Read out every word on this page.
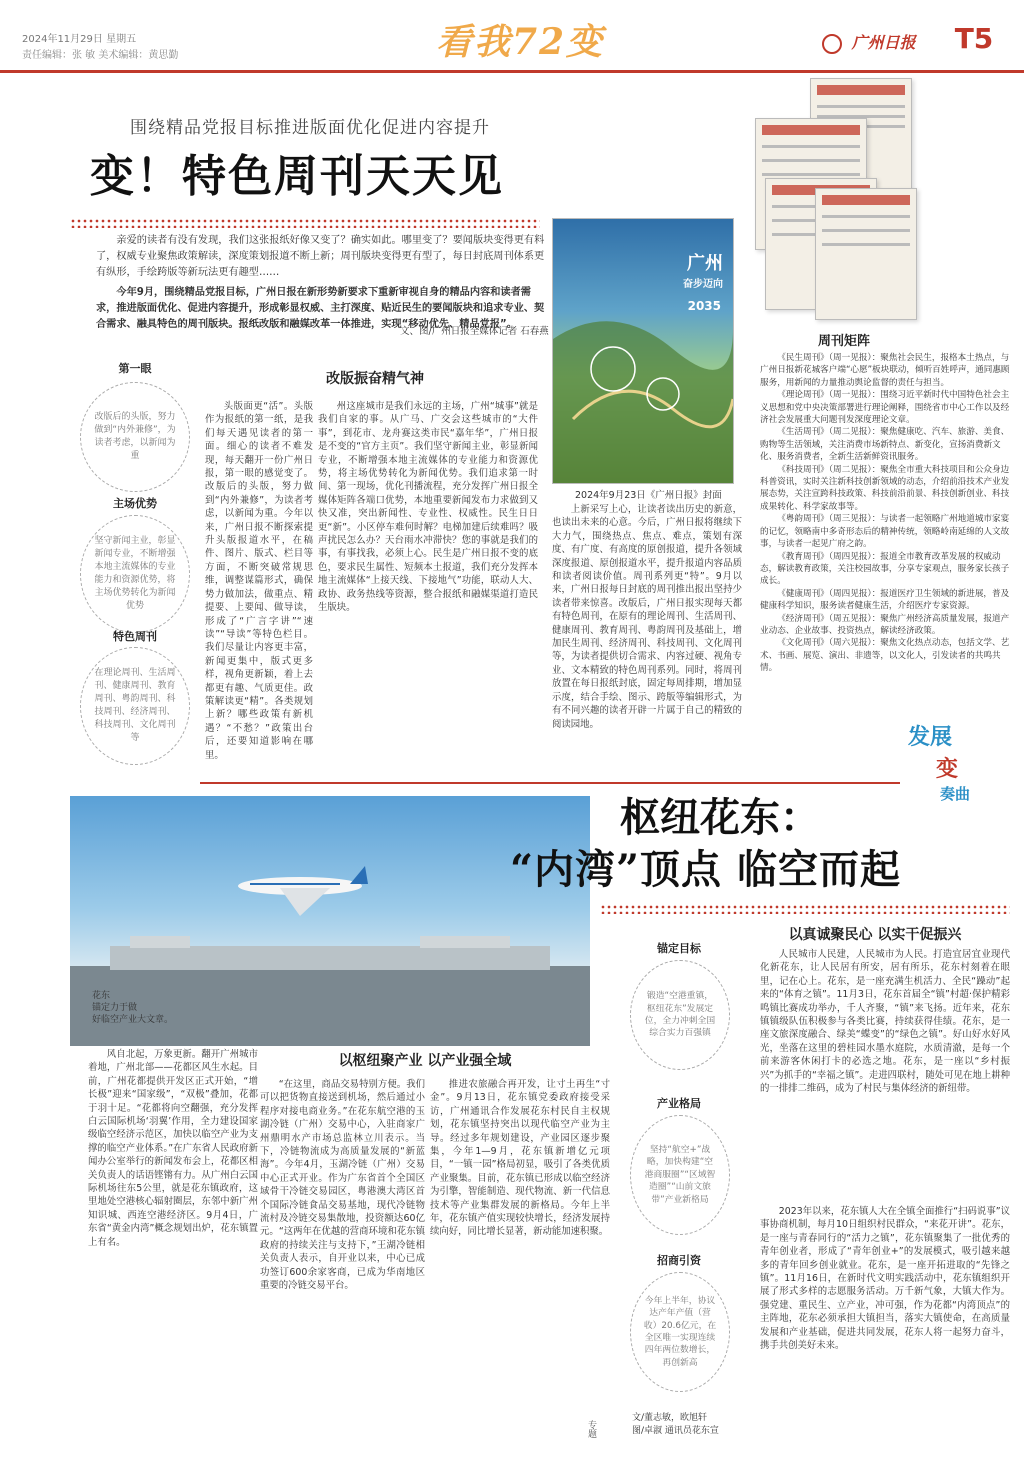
2024年11月29日 星期五
责任编辑：张 敏 美术编辑：黄思勤	看我72变	广州日报	T5
围绕精品党报目标推进版面优化促进内容提升
变！特色周刊天天见

亲爱的读者有没有发现，我们这张报纸好像又变了？确实如此。哪里变了？要闻版块变得更有料了，权威专业聚焦政策解读，深度策划报道不断上新；周刊版块变得更有型了，每日封底周刊体系更有纵形，手绘跨版等新玩法更有趣型……

今年9月，围绕精品党报目标，广州日报在新形势新要求下重新审视自身的精品内容和读者需求，推进版面优化、促进内容提升，形成彰显权威、主打深度、贴近民生的要闻版块和追求专业、契合需求、融具特色的周刊版块。报纸改版和融媒改革一体推进，实现“移动优先、精品党报”。

文、图/广州日报全媒体记者 石春燕
广州
奋步迈向
2035
2024年9月23日《广州日报》封面
周刊矩阵

《民生周刊》（周一见报）：聚焦社会民生，报格本土热点，与广州日报新花城客户端“心愿”板块联动，倾听百姓呼声，通同惠顾服务，用新闻的力量推动舆论监督的责任与担当。

《理论周刊》（周一见报）：围绕习近平新时代中国特色社会主义思想和党中央决策部署进行理论阐释，围绕省市中心工作以及经济社会发展重大问题刊发深度理论文章。

《生活周刊》（周二见报）：聚焦健康吃、汽车、旅游、美食、购物等生活领域，关注消费市场新特点、新变化，宣扬消费新文化、服务消费者，全新生活新鲜资讯服务。

《科技周刊》（周二见报）：聚焦全市重大科技项目和公众身边科普资讯，实时关注新科技创新领域的动态，介绍前沿技术产业发展态势，关注宣跨科技政策、科技前沿前景、科技创新创业、科技成果转化、科学家故事等。

《粤韵周刊》（周三见报）：与读者一起领略广州地道城市家宴的记忆，领略南中多奇形态后的精神传统，领略岭南延绵的人文故事，与读者一起见广府之韵。

《教育周刊》（周四见报）：报道全市教育改革发展的权威动态，解读教育政策，关注校园故事，分享专家观点，服务家长孩子成长。

《健康周刊》（周四见报）：报道医疗卫生领域的新进展，普及健康科学知识，服务读者健康生活，介绍医疗专家资源。

《经济周刊》（周五见报）：聚焦广州经济高质量发展，报道产业动态、企业故事、投资热点，解读经济政策。

《文化周刊》（周六见报）：聚焦文化热点动态，包括文学、艺术、书画、展览、演出、非遗等，以文化人，引发读者的共鸣共情。

第一眼
改版后的头版，努力做到“内外兼修”，为读者考虑，以新闻为重
主场优势
坚守新闻主业，彰显新闻专业，不断增强本地主流媒体的专业能力和资源优势，将主场优势转化为新闻优势
特色周刊
在理论周刊、生活周刊、健康周刊、教育周刊、粤韵周刊、科技周刊、经济周刊、科技周刊、文化周刊等
改版振奋精气神

头版面更“活”。头版作为报纸的第一纸，是我们每天遇见读者的第一面。细心的读者不难发现，每天翻开一份广州日报，第一眼的感觉变了。改版后的头版，努力做到“内外兼修”，为读者考虑，以新闻为重。今年以来，广州日报不断探索提升头版报道水平，在稿件、图片、版式、栏目等方面，不断突破常规思维，调整谋篇形式，确保势力做加法，做重点、精提要、上要闻、做导读，形成了“广言字讲”“速读”“导读”等特色栏目。我们尽量让内容更丰富，新闻更集中，版式更多样，视角更新颖，着上去都更有趣、气质更佳。政策解读更“精”。各类规划上新？哪些政策有新机遇？“不愁？”政策出台后，还要知道影响在哪里。

州这座城市是我们永远的主场，广州“城事”就是我们自家的事。从广马、广交会这些城市的“大件事”，到花市、龙舟赛这类市民“嘉年华”，广州日报是不变的“官方主页”。我们坚守新闻主业，彰显新闻专业，不断增强本地主流媒体的专业能力和资源优势，将主场优势转化为新闻优势。我们追求第一时间、第一现场，优化刊播流程，充分发挥广州日报全媒体矩阵各端口优势，本地重要新闻发布力求做到又快又准，突出新闻性、专业性、权威性。民生日日更“新”。小区停车难何时解？电梯加建后续难吗？吸声扰民怎么办？天台雨水冲滞快？您的事就是我们的事，有事找我，必须上心。民生是广州日报不变的底色，要求民生属性、短频本土报道，我们充分发挥本地主流媒体“上接天线、下接地气”功能，联动人大、政协、政务热线等资源，整合报纸和融媒渠道打造民生版块。

上新采写上心，让读者读出历史的新意，也读出未来的心意。今后，广州日报将继续下大力气，围绕热点、焦点、难点，策划有深度、有广度、有高度的原创报道，提升各领域深度报道、原创报道水平，提升报道内容品质和读者阅读价值。周刊系列更“特”。9月以来，广州日报每日封底的周刊推出报出坚持少读者带来惊喜。改版后，广州日报实现每天都有特色周刊，在原有的理论周刊、生活周刊、健康周刊、教育周刊、粤韵周刊及基础上，增加民生周刊、经济周刊、科技周刊、文化周刊等，为读者提供切合需求、内容过硬、视角专业、文本精致的特色周刊系列。同时，将周刊放置在每日报纸封底，固定每周排期，增加显示度，结合手绘、图示、跨版等编辑形式，为有不同兴趣的读者开辟一片属于自己的精致的阅读园地。	发展
变
奏曲
花东
锚定力于做
好临空产业大文章。
枢纽花东：
“内湾”顶点 临空而起
以枢纽聚产业 以产业强全域
以真诚聚民心 以实干促振兴

风自北起，万象更新。翻开广州城市着地，广州北部——花都区风生水起。目前，广州花都提供开发区正式开始，“增长极”迎来“国家级”，“双极”叠加，花都于羽十足。“花都将向空翻强，充分发挥白云国际机场‘羽翼’作用，全力建设国家级临空经济示范区，加快以临空产业为支撑的临空产业体系。”在广东省人民政府新闻办公室举行的新闻发布会上，花都区相关负责人的话语铿锵有力。从广州白云国际机场往东5公里，就是花东镇政府，这里地处空港核心辐射圈层，东邻中新广州知识城、西连空港经济区。9月4日，广东省“黄金内湾”概念规划出炉，花东镇置上有名。

“在这里，商品交易特别方便。我们可以把货物直接送到机场，然后通过小程序对接电商业务。”在花东航空港的玉湖冷链（广州）交易中心，入驻商家广州鼎明水产市场总监林立川表示。当下，冷链物流成为高质量发展的“新蓝海”。今年4月，玉湖冷链（广州）交易中心正式开业。作为广东省首个全国区域骨干冷链交易园区，粤港澳大湾区首个国际冷链食品交易基地，现代冷链物流村及冷链交易集散地，投资额达60亿元。“这两年在优越的营商环境和花东镇政府的持续关注与支持下，”王湖冷链相关负责人表示，自开业以来，中心已成功签订600余家客商，已成为华南地区重要的冷链交易平台。

推进农旅融合再开发，让寸土再生“寸金”。9月13日，花东镇党委政府接受采访，广州通讯合作发展花东村民自主权规划，花东镇坚持突出以现代临空产业为主导。经过多年规划建设，产业园区逐步聚集，今年1—9月，花东镇新增亿元项目，“一镇一园”格局初显，吸引了各类优质产业聚集。目前，花东镇已形成以临空经济为引擎，智能制造、现代物流、新一代信息技术等产业集群发展的新格局。今年上半年，花东镇产值实现较快增长，经济发展持续向好，同比增长显著，新动能加速积聚。

人民城市人民建，人民城市为人民。打造宜居宜业现代化新花东，让人民居有所安，居有所乐，花东村刻着在眼里，记在心上。花东，是一座充满生机活力、全民“躁动”起来的“体育之镇”。11月3日，花东首届全“镇”村超·保护精彩鸣镇比赛成功举办，千人齐聚，“镇”来飞扬。近年来，花东镇镇级队伍积极参与各类比赛，持续获得佳绩。花东，是一座文旅深度融合、绿美“蝶变”的“绿色之镇”。好山好水好风光，坐落在这里的碧桂园水墨水庭院，水质清澈，是每一个前来游客休闲打卡的必选之地。花东，是一座以“乡村振兴”为抓手的“幸福之镇”。走进四联村，随处可见在地上耕种的一排排二维码，成为了村民与集体经济的新纽带。

2023年以来，花东镇人大在全镇全面推行“扫码说事”议事协商机制，每月10日组织村民群众，“来花开讲”。花东，是一座与青春同行的“活力之镇”，花东镇聚集了一批优秀的青年创业者，形成了“青年创业+”的发展模式，吸引越来越多的青年回乡创业就业。花东，是一座开拓进取的“先锋之镇”。11月16日，在新时代文明实践活动中，花东镇组织开展了形式多样的志愿服务活动。万千新气象，大镇大作为。强党建、重民生、立产业，冲可强，作为花都“内湾顶点”的主阵地，花东必须承担大镇担当，落实大镇使命，在高质量发展和产业基础，促进共同发展，花东人将一起努力奋斗，携手共创美好未来。

锚定目标
锻造“空港重镇，枢纽花东”发展定位，全力冲刺全国综合实力百强镇
产业格局
坚持“航空+”战略，加快构建“空港商服圈”“区域智造圈”“山前文旅带”产业新格局
招商引资
今年上半年，协议达产年产值（营收）20.6亿元，在全区唯一实现连续四年两位数增长，再创新高
文/董志敏，欧旭轩
图/卓淑 通讯员花东宣
专题
